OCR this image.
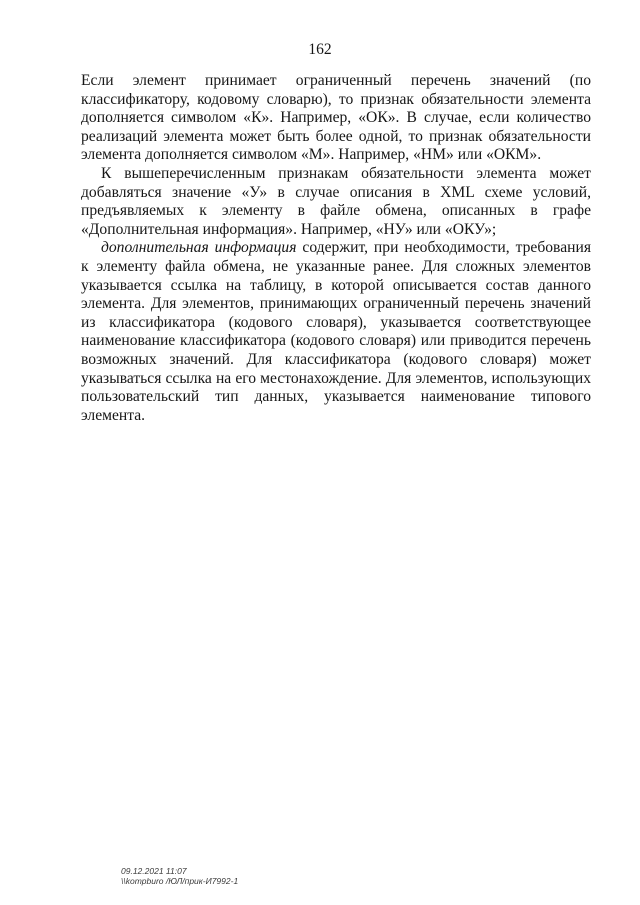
162

Если элемент принимает ограниченный перечень значений (по классификатору, кодовому словарю), то признак обязательности элемента дополняется символом «К». Например, «ОК». В случае, если количество реализаций элемента может быть более одной, то признак обязательности элемента дополняется символом «М». Например, «НМ» или «ОКМ».

К вышеперечисленным признакам обязательности элемента может добавляться значение «У» в случае описания в XML схеме условий, предъявляемых к элементу в файле обмена, описанных в графе «Дополнительная информация». Например, «НУ» или «ОКУ»;

дополнительная информация содержит, при необходимости, требования к элементу файла обмена, не указанные ранее. Для сложных элементов указывается ссылка на таблицу, в которой описывается состав данного элемента. Для элементов, принимающих ограниченный перечень значений из классификатора (кодового словаря), указывается соответствующее наименование классификатора (кодового словаря) или приводится перечень возможных значений. Для классификатора (кодового словаря) может указываться ссылка на его местонахождение. Для элементов, использующих пользовательский тип данных, указывается наименование типового элемента.

09.12.2021 11:07
\\kompburo /ЮЛ/прик-И7992-1
